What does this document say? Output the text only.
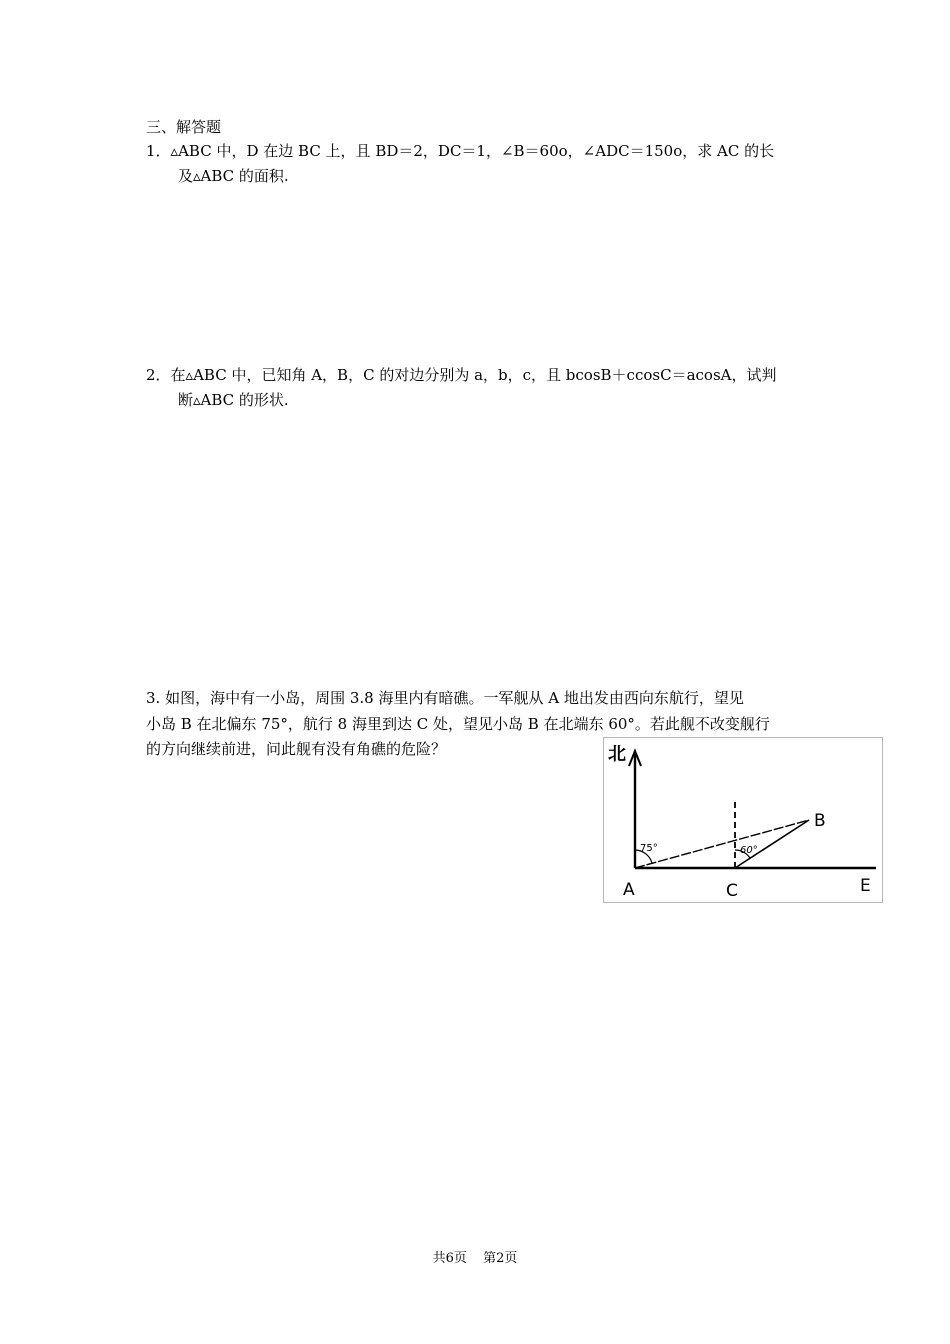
三、解答题
1．▵ABC 中，D 在边 BC 上，且 BD＝2，DC＝1，∠B＝60o，∠ADC＝150o，求 AC 的长
及▵ABC 的面积.
2．在▵ABC 中，已知角 A，B，C 的对边分别为 a，b，c，且 bcosB＋ccosC＝acosA，试判
断▵ABC 的形状.
3. 如图，海中有一小岛，周围 3.8 海里内有暗礁。一军舰从 A 地出发由西向东航行，望见
小岛 B 在北偏东 75°，航行 8 海里到达 C 处，望见小岛 B 在北端东 60°。若此舰不改变舰行
的方向继续前进，问此舰有没有角礁的危险？	北
75°	60°
B
A	C	E
共6页 第2页
